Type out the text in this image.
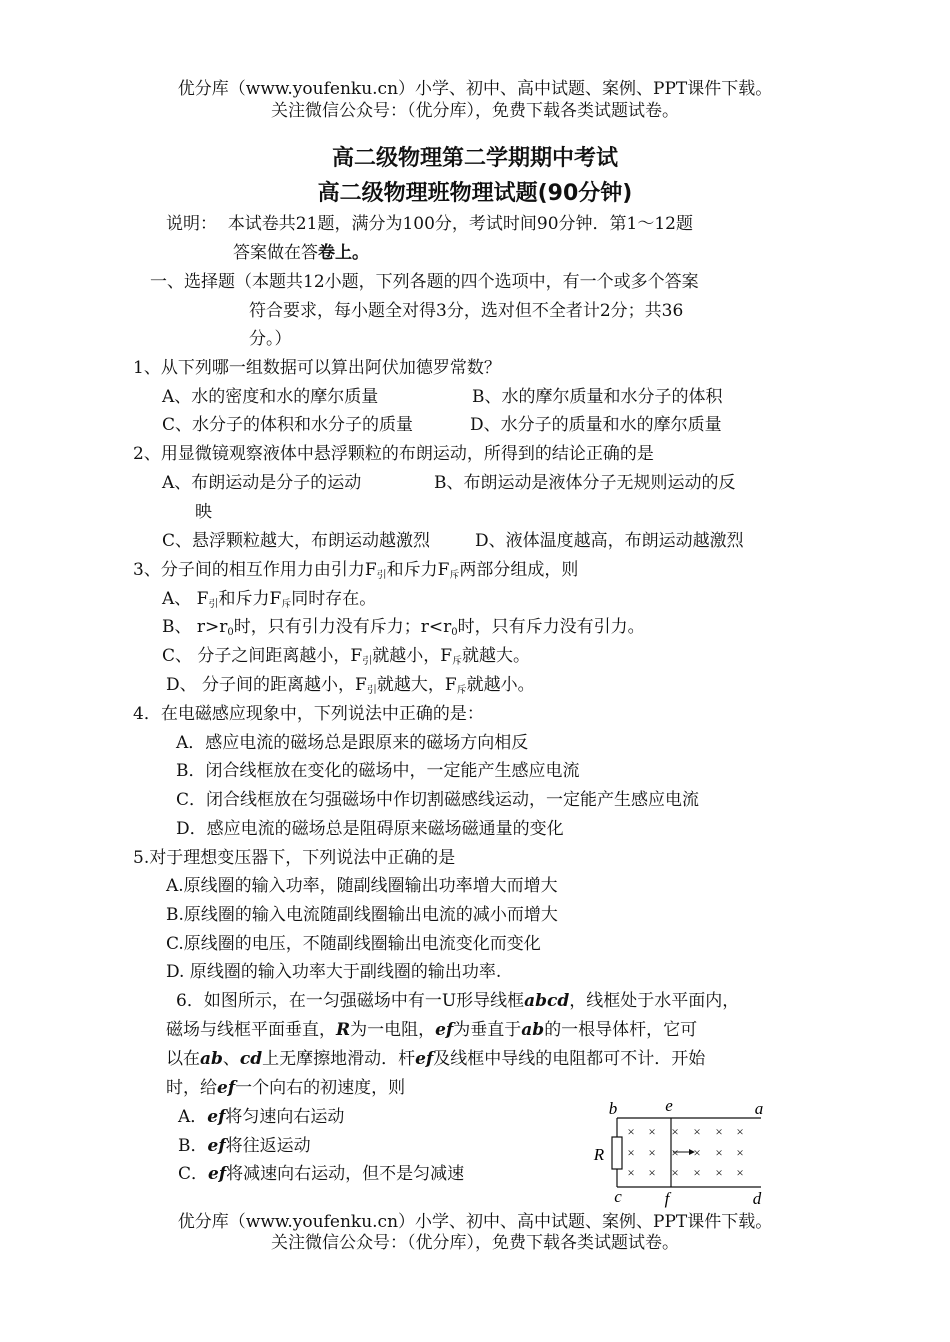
优分库（www.youfenku.cn）小学、初中、高中试题、案例、PPT课件下载。
关注微信公众号：（优分库），免费下载各类试题试卷。
高二级物理第二学期期中考试
高二级物理班物理试题(90分钟)
说明： 本试卷共21题，满分为100分，考试时间90分钟．第1～12题
答案做在答卷上。
一、选择题（本题共12小题，下列各题的四个选项中，有一个或多个答案
符合要求，每小题全对得3分，选对但不全者计2分；共36
分。）
1、从下列哪一组数据可以算出阿伏加德罗常数？
A、水的密度和水的摩尔质量	B、水的摩尔质量和水分子的体积
C、水分子的体积和水分子的质量	D、水分子的质量和水的摩尔质量
2、用显微镜观察液体中悬浮颗粒的布朗运动，所得到的结论正确的是
A、布朗运动是分子的运动	B、布朗运动是液体分子无规则运动的反
映
C、悬浮颗粒越大，布朗运动越激烈	D、液体温度越高，布朗运动越激烈
3、分子间的相互作用力由引力$F_引$和斥力$F_斥$两部分组成，则
A、 $F_引$和斥力$F_斥$同时存在。
B、 $r>r_0$时，只有引力没有斥力；$r<r_0$时，只有斥力没有引力。
C、 分子之间距离越小，$F_引$就越小，$F_斥$就越大。
D、 分子间的距离越小，$F_引$就越大，$F_斥$就越小。
4．在电磁感应现象中，下列说法中正确的是：
A．感应电流的磁场总是跟原来的磁场方向相反
B．闭合线框放在变化的磁场中，一定能产生感应电流
C．闭合线框放在匀强磁场中作切割磁感线运动，一定能产生感应电流
D．感应电流的磁场总是阻碍原来磁场磁通量的变化
5.对于理想变压器下，下列说法中正确的是
A.原线圈的输入功率，随副线圈输出功率增大而增大
B.原线圈的输入电流随副线圈输出电流的减小而增大
C.原线圈的电压，不随副线圈输出电流变化而变化
D. 原线圈的输入功率大于副线圈的输出功率.
6．如图所示，在一匀强磁场中有一U形导线框abcd，线框处于水平面内，
磁场与线框平面垂直，R为一电阻，ef为垂直于ab的一根导体杆，它可
以在ab、cd上无摩擦地滑动．杆ef及线框中导线的电阻都可不计．开始
时，给ef一个向右的初速度，则
A．ef将匀速向右运动
B．ef将往返运动
C．ef将减速向右运动，但不是匀减速
× × × × × ×
× × × × × ×
× × × × × ×
b	e	a
R
c	f	d
优分库（www.youfenku.cn）小学、初中、高中试题、案例、PPT课件下载。
关注微信公众号：（优分库），免费下载各类试题试卷。
